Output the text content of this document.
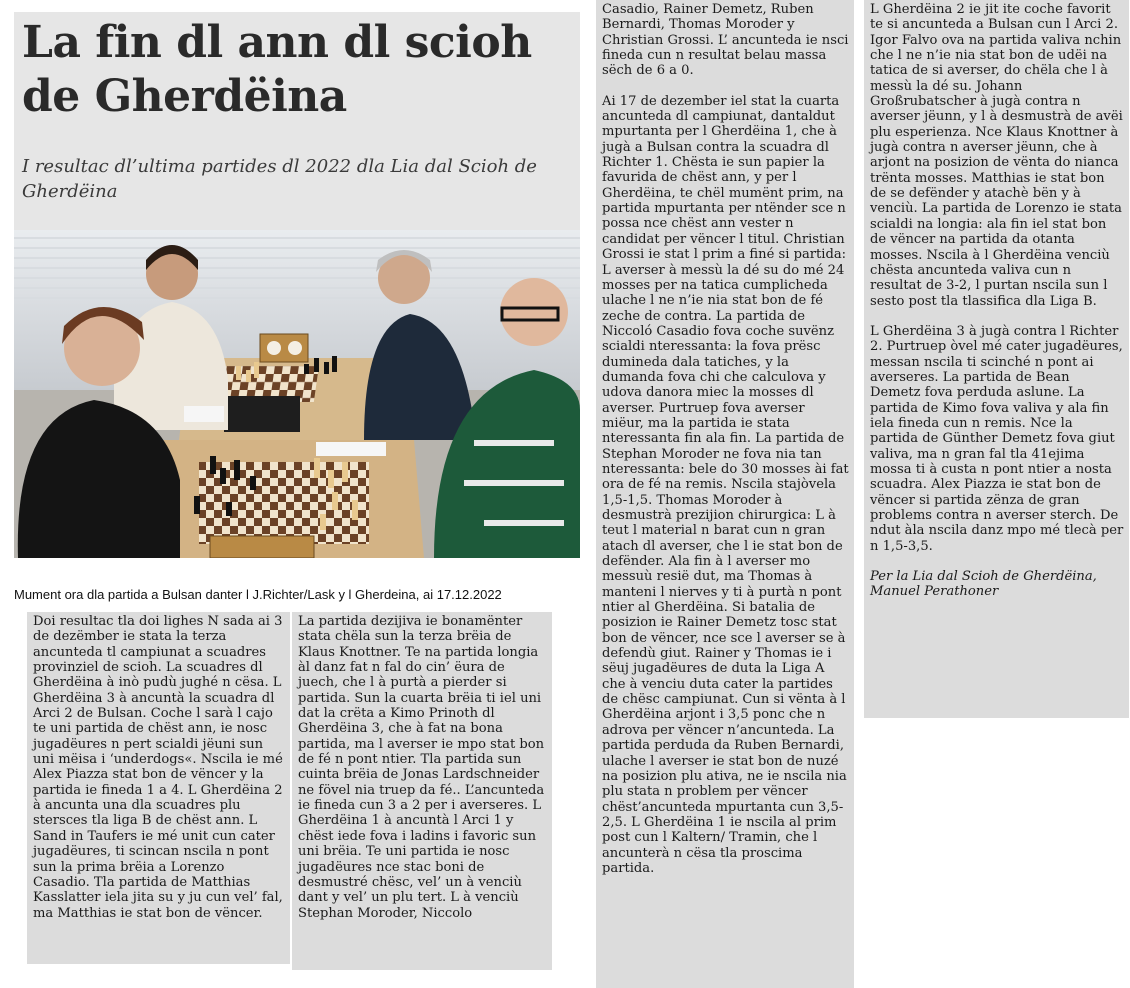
La fin dl ann dl scioh de Gherdëina

I resultac dl’ultima partides dl 2022 dla Lia dal Scioh de Gherdëina

Mument ora dla partida a Bulsan danter l J.Richter/Lask y l Gherdeina, ai 17.12.2022

Doi resultac tla doi lighes N sada ai 3 de dezëmber ie stata la terza ancunteda tl campiunat a scuadres provinziel de scioh. La scuadres dl Gherdëina à inò pudù jughé n cësa. L Gherdëina 3 à ancuntà la scuadra dl Arci 2 de Bulsan. Coche l sarà l cajo te uni partida de chëst ann, ie nosc jugadëures n pert scialdi jëuni sun uni mëisa i ‘underdogs«. Nscila ie mé Alex Piazza stat bon de vëncer y la partida ie fineda 1 a 4. L Gherdëina 2 à ancunta una dla scuadres plu stersces tla liga B de chëst ann. L Sand in Taufers ie mé unit cun cater jugadëures, ti scincan nscila n pont sun la prima brëia a Lorenzo Casadio. Tla partida de Matthias Kasslatter iela jita su y ju cun vel’ fal, ma Matthias ie stat bon de vëncer.

La partida dezijiva ie bonamënter stata chëla sun la terza brëia de Klaus Knottner. Te na partida longia àl danz fat n fal do cin’ ëura de juech, che l à purtà a pierder si partida. Sun la cuarta brëia ti iel uni dat la crëta a Kimo Prinoth dl Gherdëina 3, che à fat na bona partida, ma l averser ie mpo stat bon de fé n pont ntier. Tla partida sun cuinta brëia de Jonas Lardschneider ne fövel nia truep da fé.. L’ancunteda ie fineda cun 3 a 2 per i averseres. L Gherdëina 1 à ancuntà l Arci 1 y chëst iede fova i ladins i favoric sun uni brëia. Te uni partida ie nosc jugadëures nce stac boni de desmustré chësc, vel’ un à venciù dant y vel’ un plu tert. L à venciù Stephan Moroder, Niccolo

Casadio, Rainer Demetz, Ruben Bernardi, Thomas Moroder y Christian Grossi. L’ ancunteda ie nsci fineda cun n resultat belau massa sëch de 6 a 0.

Ai 17 de dezember iel stat la cuarta ancunteda dl campiunat, dantaldut mpurtanta per l Gherdëina 1, che à jugà a Bulsan contra la scuadra dl Richter 1. Chësta ie sun papier la favurida de chëst ann, y per l Gherdëina, te chël mumënt prim, na partida mpurtanta per ntënder sce n possa nce chëst ann vester n candidat per vëncer l titul. Christian Grossi ie stat l prim a finé si partida: L averser à messù la dé su do mé 24 mosses per na tatica cumplicheda ulache l ne n’ie nia stat bon de fé zeche de contra. La partida de Niccoló Casadio fova coche suvënz scialdi nteressanta: la fova prësc dumineda dala tatiches, y la dumanda fova chi che calculova y udova danora miec la mosses dl averser. Purtruep fova averser miëur, ma la partida ie stata nteressanta fin ala fin. La partida de Stephan Moroder ne fova nia tan nteressanta: bele do 30 mosses ài fat ora de fé na remis. Nscila stajòvela 1,5-1,5. Thomas Moroder à desmustrà prezijion chirurgica: L à teut l material n barat cun n gran atach dl averser, che l ie stat bon de defënder. Ala fin à l averser mo messuù resië dut, ma Thomas à manteni l nierves y ti à purtà n pont ntier al Gherdëina. Si batalia de posizion ie Rainer Demetz tosc stat bon de vëncer, nce sce l averser se à defendù giut. Rainer y Thomas ie i sëuj jugadëures de duta la Liga A che à venciu duta cater la partides de chësc campiunat. Cun si vënta à l Gherdëina arjont i 3,5 ponc che n adrova per vëncer n’ancunteda. La partida perduda da Ruben Bernardi, ulache l averser ie stat bon de nuzé na posizion plu ativa, ne ie nscila nia plu stata n problem per vëncer chëst’ancunteda mpurtanta cun 3,5-2,5. L Gherdëina 1 ie nscila al prim post cun l Kaltern/ Tramin, che l ancunterà n cësa tla proscima partida.

L Gherdëina 2 ie jit ite coche favorit te si ancunteda a Bulsan cun l Arci 2. Igor Falvo ova na partida valiva nchin che l ne n’ie nia stat bon de udëi na tatica de si averser, do chëla che l à messù la dé su. Johann Großrubatscher à jugà contra n averser jëunn, y l à desmustrà de avëi plu esperienza. Nce Klaus Knottner à jugà contra n averser jëunn, che à arjont na posizion de vënta do nianca trënta mosses. Matthias ie stat bon de se defënder y atachè bën y à venciù. La partida de Lorenzo ie stata scialdi na longia: ala fin iel stat bon de vëncer na partida da otanta mosses. Nscila à l Gherdëina venciù chësta ancunteda valiva cun n resultat de 3-2, l purtan nscila sun l sesto post tla tlassifica dla Liga B.

L Gherdëina 3 à jugà contra l Richter 2. Purtruep òvel mé cater jugadëures, messan nscila ti scinché n pont ai averseres. La partida de Bean Demetz fova perduda aslune. La partida de Kimo fova valiva y ala fin iela fineda cun n remis. Nce la partida de Günther Demetz fova giut valiva, ma n gran fal tla 41ejima mossa ti à custa n pont ntier a nosta scuadra. Alex Piazza ie stat bon de vëncer si partida zënza de gran problems contra n averser sterch. De ndut àla nscila danz mpo mé tlecà per n 1,5-3,5.

Per la Lia dal Scioh de Gherdëina,

Manuel Perathoner
